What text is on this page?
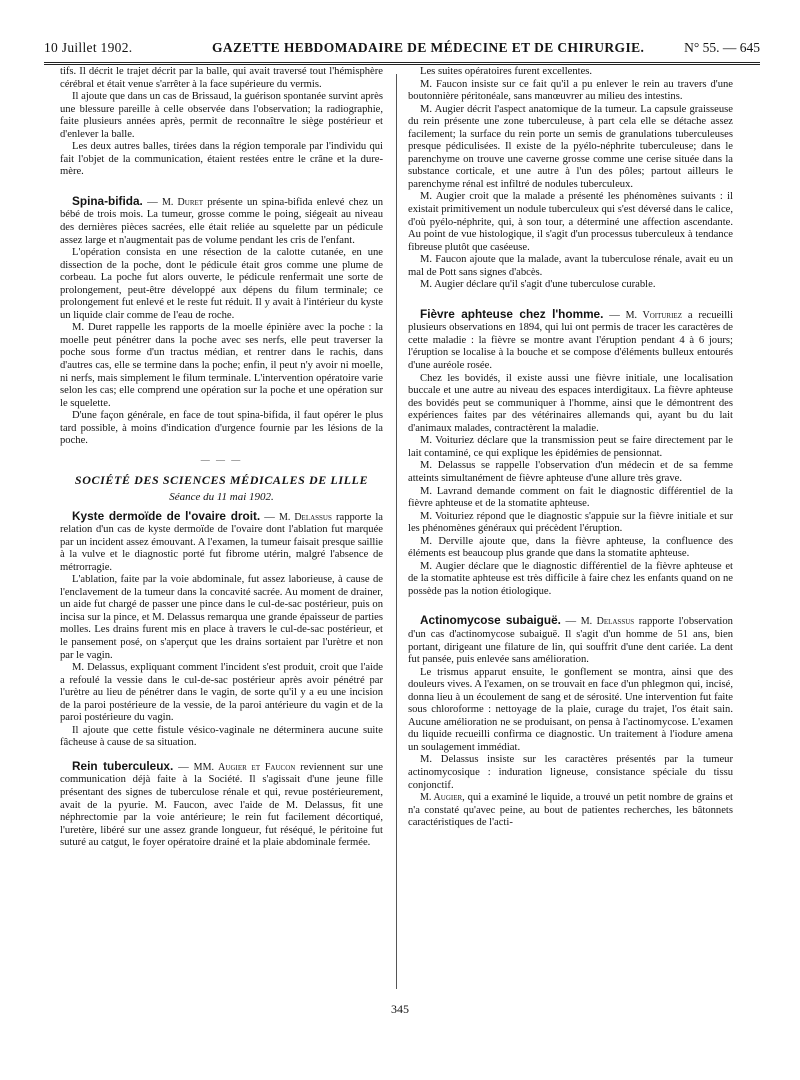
10 Juillet 1902.	GAZETTE HEBDOMADAIRE DE MÉDECINE ET DE CHIRURGIE.	N° 55. — 645

tifs. Il décrit le trajet décrit par la balle, qui avait traversé tout l'hémisphère cérébral et était venue s'arrêter à la face supérieure du vermis.

Il ajoute que dans un cas de Brissaud, la guérison spontanée survint après une blessure pareille à celle observée dans l'observation; la radiographie, faite plusieurs années après, permit de reconnaître le siège postérieur et d'enlever la balle.

Les deux autres balles, tirées dans la région temporale par l'individu qui fait l'objet de la communication, étaient restées entre le crâne et la dure-mère.

Spina-bifida. — M. Duret présente un spina-bifida enlevé chez un bébé de trois mois. La tumeur, grosse comme le poing, siégeait au niveau des dernières pièces sacrées, elle était reliée au squelette par un pédicule assez large et n'augmentait pas de volume pendant les cris de l'enfant.

L'opération consista en une résection de la calotte cutanée, en une dissection de la poche, dont le pédicule était gros comme une plume de corbeau. La poche fut alors ouverte, le pédicule renfermait une sorte de prolongement, peut-être développé aux dépens du filum terminale; ce prolongement fut enlevé et le reste fut réduit. Il y avait à l'intérieur du kyste un liquide clair comme de l'eau de roche.

M. Duret rappelle les rapports de la moelle épinière avec la poche : la moelle peut pénétrer dans la poche avec ses nerfs, elle peut traverser la poche sous forme d'un tractus médian, et rentrer dans le rachis, dans d'autres cas, elle se termine dans la poche; enfin, il peut n'y avoir ni moelle, ni nerfs, mais simplement le filum terminale. L'intervention opératoire varie selon les cas; elle comprend une opération sur la poche et une opération sur le squelette.

D'une façon générale, en face de tout spina-bifida, il faut opérer le plus tard possible, à moins d'indication d'urgence fournie par les lésions de la poche.

— — —

SOCIÉTÉ DES SCIENCES MÉDICALES DE LILLE

Séance du 11 mai 1902.

Kyste dermoïde de l'ovaire droit. — M. Delassus rapporte la relation d'un cas de kyste dermoïde de l'ovaire dont l'ablation fut marquée par un incident assez émouvant. A l'examen, la tumeur faisait presque saillie à la vulve et le diagnostic porté fut fibrome utérin, malgré l'absence de métrorragie.

L'ablation, faite par la voie abdominale, fut assez laborieuse, à cause de l'enclavement de la tumeur dans la concavité sacrée. Au moment de drainer, un aide fut chargé de passer une pince dans le cul-de-sac postérieur, puis on incisa sur la pince, et M. Delassus remarqua une grande épaisseur de parties molles. Les drains furent mis en place à travers le cul-de-sac postérieur, et le pansement posé, on s'aperçut que les drains sortaient par l'urètre et non par le vagin.

M. Delassus, expliquant comment l'incident s'est produit, croit que l'aide a refoulé la vessie dans le cul-de-sac postérieur après avoir pénétré par l'urètre au lieu de pénétrer dans le vagin, de sorte qu'il y a eu une incision de la paroi postérieure de la vessie, de la paroi antérieure du vagin et de la paroi postérieure du vagin.

Il ajoute que cette fistule vésico-vaginale ne déterminera aucune suite fâcheuse à cause de sa situation.

Rein tuberculeux. — MM. Augier et Faucon reviennent sur une communication déjà faite à la Société. Il s'agissait d'une jeune fille présentant des signes de tuberculose rénale et qui, revue postérieurement, avait de la pyurie. M. Faucon, avec l'aide de M. Delassus, fit une néphrectomie par la voie antérieure; le rein fut facilement décortiqué, l'uretère, libéré sur une assez grande longueur, fut réséqué, le péritoine fut suturé au catgut, le foyer opératoire drainé et la plaie abdominale fermée.

Les suites opératoires furent excellentes.

M. Faucon insiste sur ce fait qu'il a pu enlever le rein au travers d'une boutonnière péritonéale, sans manœuvrer au milieu des intestins.

M. Augier décrit l'aspect anatomique de la tumeur. La capsule graisseuse du rein présente une zone tuberculeuse, à part cela elle se détache assez facilement; la surface du rein porte un semis de granulations tuberculeuses presque pédiculisées. Il existe de la pyélo-néphrite tuberculeuse; dans le parenchyme on trouve une caverne grosse comme une cerise située dans la substance corticale, et une autre à l'un des pôles; partout ailleurs le parenchyme rénal est infiltré de nodules tuberculeux.

M. Augier croit que la malade a présenté les phénomènes suivants : il existait primitivement un nodule tuberculeux qui s'est déversé dans le calice, d'où pyélo-néphrite, qui, à son tour, a déterminé une affection ascendante. Au point de vue histologique, il s'agit d'un processus tuberculeux à tendance fibreuse plutôt que caséeuse.

M. Faucon ajoute que la malade, avant la tuberculose rénale, avait eu un mal de Pott sans signes d'abcès.

M. Augier déclare qu'il s'agit d'une tuberculose curable.

Fièvre aphteuse chez l'homme. — M. Voituriez a recueilli plusieurs observations en 1894, qui lui ont permis de tracer les caractères de cette maladie : la fièvre se montre avant l'éruption pendant 4 à 6 jours; l'éruption se localise à la bouche et se compose d'éléments bulleux entourés d'une auréole rosée.

Chez les bovidés, il existe aussi une fièvre initiale, une localisation buccale et une autre au niveau des espaces interdigitaux. La fièvre aphteuse des bovidés peut se communiquer à l'homme, ainsi que le démontrent des expériences faites par des vétérinaires allemands qui, ayant bu du lait d'animaux malades, contractèrent la maladie.

M. Voituriez déclare que la transmission peut se faire directement par le lait contaminé, ce qui explique les épidémies de pensionnat.

M. Delassus se rappelle l'observation d'un médecin et de sa femme atteints simultanément de fièvre aphteuse d'une allure très grave.

M. Lavrand demande comment on fait le diagnostic différentiel de la fièvre aphteuse et de la stomatite aphteuse.

M. Voituriez répond que le diagnostic s'appuie sur la fièvre initiale et sur les phénomènes généraux qui précèdent l'éruption.

M. Derville ajoute que, dans la fièvre aphteuse, la confluence des éléments est beaucoup plus grande que dans la stomatite aphteuse.

M. Augier déclare que le diagnostic différentiel de la fièvre aphteuse et de la stomatite aphteuse est très difficile à faire chez les enfants quand on ne possède pas la notion étiologique.

Actinomycose subaiguë. — M. Delassus rapporte l'observation d'un cas d'actinomycose subaiguë. Il s'agit d'un homme de 51 ans, bien portant, dirigeant une filature de lin, qui souffrit d'une dent cariée. La dent fut pansée, puis enlevée sans amélioration.

Le trismus apparut ensuite, le gonflement se montra, ainsi que des douleurs vives. A l'examen, on se trouvait en face d'un phlegmon qui, incisé, donna lieu à un écoulement de sang et de sérosité. Une intervention fut faite sous chloroforme : nettoyage de la plaie, curage du trajet, l'os était sain. Aucune amélioration ne se produisant, on pensa à l'actinomycose. L'examen du liquide recueilli confirma ce diagnostic. Un traitement à l'iodure amena un soulagement immédiat.

M. Delassus insiste sur les caractères présentés par la tumeur actinomycosique : induration ligneuse, consistance spéciale du tissu conjonctif.

M. Augier, qui a examiné le liquide, a trouvé un petit nombre de grains et n'a constaté qu'avec peine, au bout de patientes recherches, les bâtonnets caractéristiques de l'acti-

345
